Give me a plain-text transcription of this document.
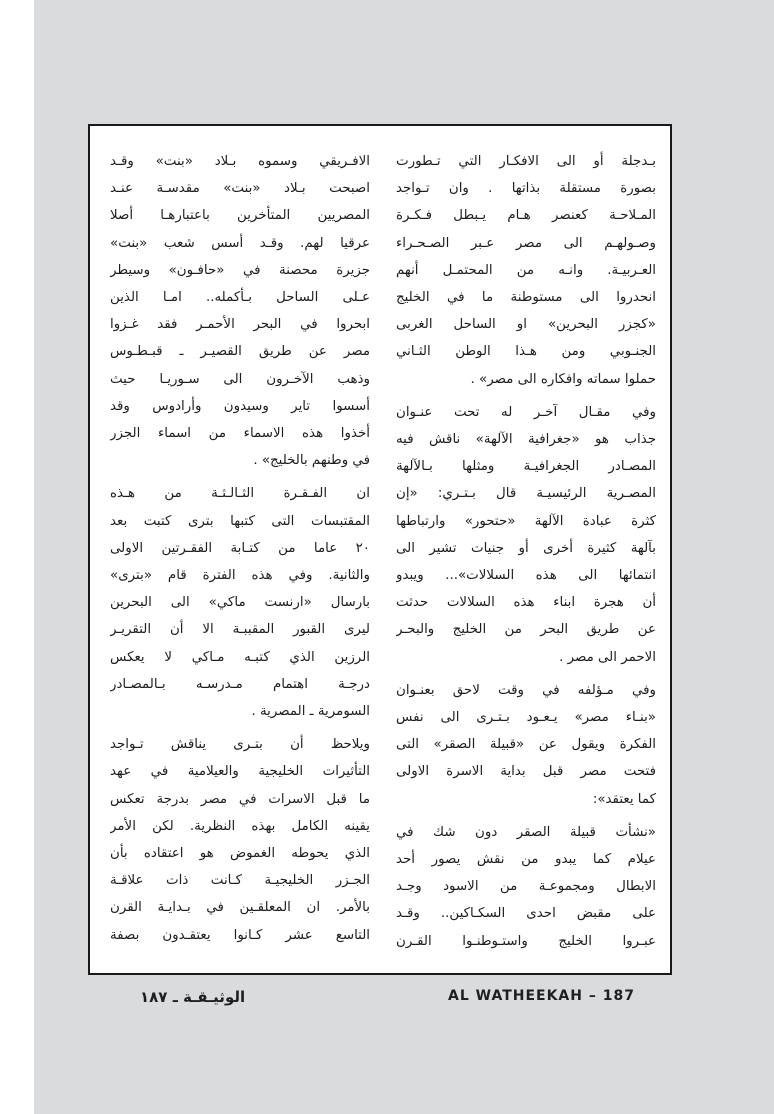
بـدجلة أو الى الافكـار التي تـطورت
بصورة مستقلة بذاتها . وان تـواجد
المـلاحـة كعنصر هـام يـبطل فـكـرة
وصـولهـم الى مصر عـبر الصـحـراء
العـربيـة. وانـه من المحتمـل أنهم
انحدروا الى مستوطنة ما في الخليج
«كجزر البحرين» او الساحل الغربى
الجنـوبي ومن هـذا الوطن الثـاني
حملوا سماته وافكاره الى مصر» .
وفي مقـال آخـر له تحت عنـوان
جذاب هو «جغرافية الآلهة» ناقش فيه
المصـادر الجغرافيـة ومثلها بـالآلهة
المصـرية الرئيسيـة قال بـتـري: «إن
كثرة عبادة الآلهة «حتحور» وارتباطها
بآلهة كثيرة أخرى أو جنيات تشير الى
انتمائها الى هذه السلالات»... ويبدو
أن هجرة ابناء هذه السلالات حدثت
عن طريق البحر من الخليج والبحـر
الاحمر الى مصر .
وفي مـؤلفه في وقت لاحق بعنـوان
«بنـاء مصر» يـعـود بـتـرى الى نفس
الفكرة ويقول عن «قبيلة الصقر» التى
فتحت مصر قبل بداية الاسرة الاولى
كما يعتقد»:
«نشأت قبيلة الصقر دون شك في
عيلام كما يبدو من نقش يصور أحد
الابطال ومجموعـة من الاسود وجـد
على مقبض احدى السكـاكين.. وقـد
عبـروا الخليج واستـوطنـوا القـرن
الافـريقي وسموه بـلاد «بنت» وقـد
اصبحت بـلاد «بنت» مقدسـة عنـد
المصريين المتأخرين باعتبارهـا أصلا
عرقيا لهم. وقـد أسس شعب «بنت»
جزيرة محصنة في «حافـون» وسيطر
عـلى الساحل بـأكمله.. امـا الذين
ابحروا في البحر الأحمـر فقد غـزوا
مصر عن طريق القصيـر ـ قبـطـوس
وذهب الآخـرون الى سـوريـا حيث
أسسوا تاير وسيدون وأرادوس وقد
أخذوا هذه الاسماء من اسماء الجزر
في وطنهم بالخليج» .
ان الفـقـرة الثـالـثـة من هـذه
المقتبسات التى كتبها بترى كتبت بعد
٢٠ عاما من كتـابة الفقـرتين الاولى
والثانية. وفي هذه الفترة قام «بترى»
بارسال «ارنست ماكي» الى البحرين
ليرى القبور المقببـة الا أن التقريـر
الرزين الذي كتبـه مـاكي لا يعكس
درجـة اهتمام مـدرسـه بـالمصـادر
السومرية ـ المصرية .
ويلاحظ أن بتـرى يناقش تـواجد
التأثيرات الخليجية والعيلامية في عهد
ما قبل الاسرات في مصر بدرجة تعكس
يقينه الكامل بهذه النظرية. لكن الأمر
الذي يحوطه الغموض هو اعتقاده بأن
الجـزر الخليجيـة كـانت ذات علاقـة
بالأمر. ان المعلقـين في بـدايـة القرن
التاسع عشر كـانوا يعتقـدون بصفة
الوثيـقـة ـ ١٨٧	AL WATHEEKAH – 187
